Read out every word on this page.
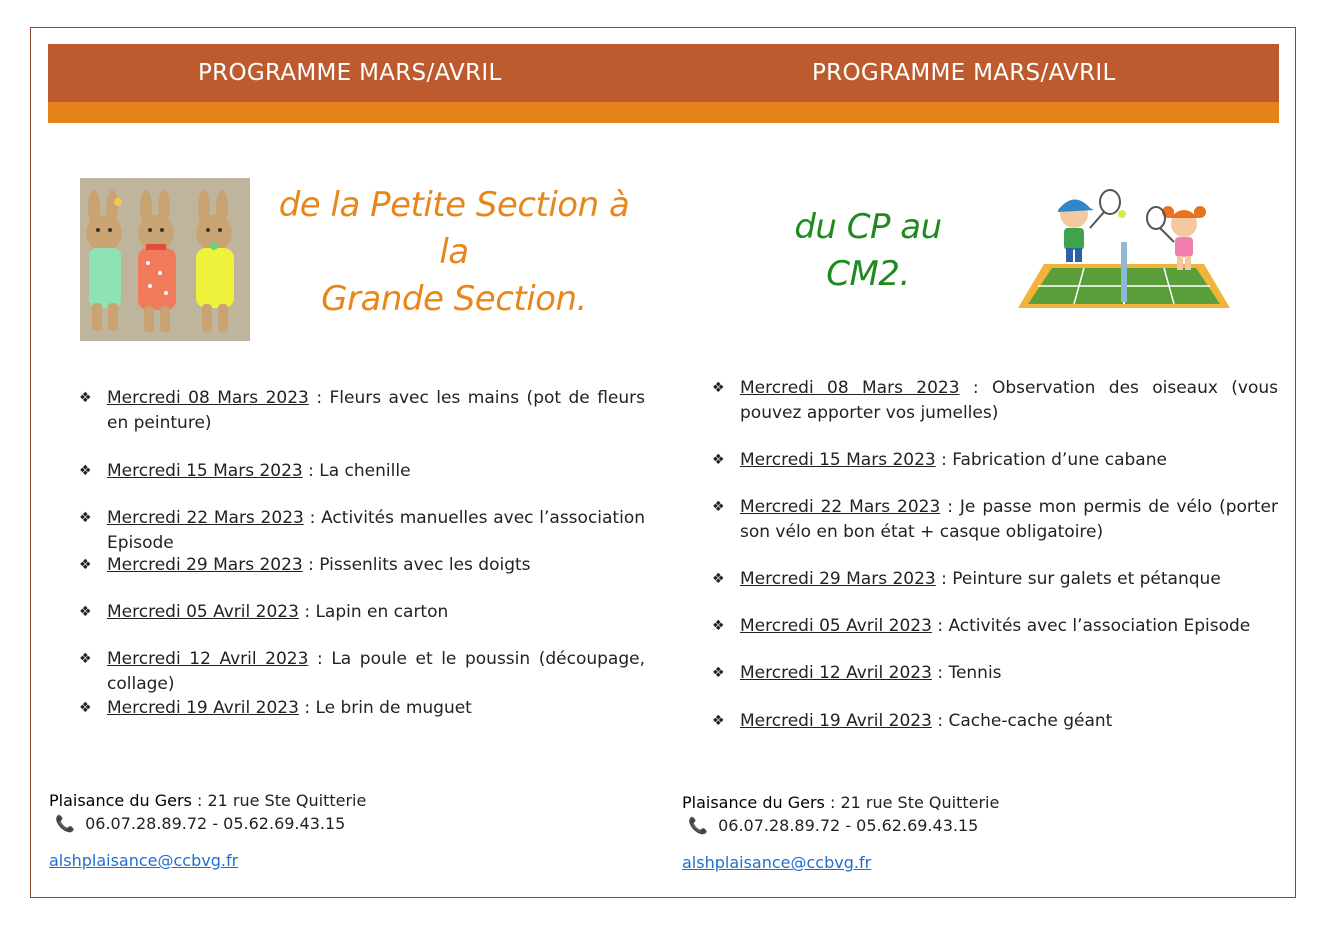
PROGRAMME MARS/AVRIL	PROGRAMME MARS/AVRIL
de la Petite Section à la
Grande Section.
du CP au CM2.
❖ Mercredi 08 Mars 2023 : Fleurs avec les mains (pot de fleurs en peinture)
❖ Mercredi 15 Mars 2023 : La chenille
❖ Mercredi 22 Mars 2023 : Activités manuelles avec l’association Episode
❖ Mercredi 29 Mars 2023 : Pissenlits avec les doigts
❖ Mercredi 05 Avril 2023 : Lapin en carton
❖ Mercredi 12 Avril 2023 : La poule et le poussin (découpage, collage)
❖ Mercredi 19 Avril 2023 : Le brin de muguet
❖ Mercredi 08 Mars 2023 : Observation des oiseaux (vous pouvez apporter vos jumelles)
❖ Mercredi 15 Mars 2023 : Fabrication d’une cabane
❖ Mercredi 22 Mars 2023 : Je passe mon permis de vélo (porter son vélo en bon état + casque obligatoire)
❖ Mercredi 29 Mars 2023 : Peinture sur galets et pétanque
❖ Mercredi 05 Avril 2023 : Activités avec l’association Episode
❖ Mercredi 12 Avril 2023 : Tennis
❖ Mercredi 19 Avril 2023 : Cache-cache géant
Plaisance du Gers : 21 rue Ste Quitterie
📞 06.07.28.89.72 - 05.62.69.43.15
alshplaisance@ccbvg.fr
Plaisance du Gers : 21 rue Ste Quitterie
📞 06.07.28.89.72 - 05.62.69.43.15
alshplaisance@ccbvg.fr
